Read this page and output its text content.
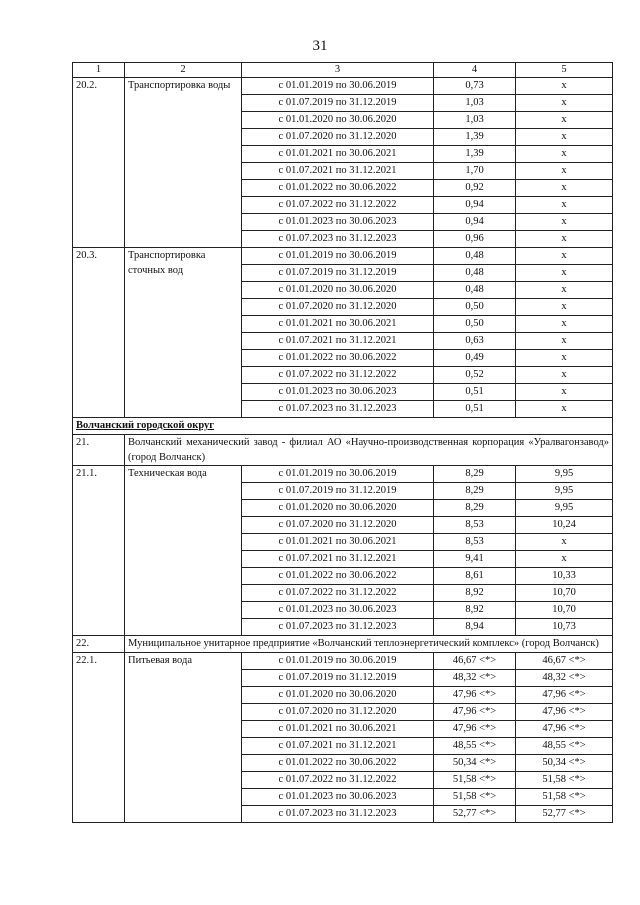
31
1	2	3	4	5
20.2.	Транспортировка воды	с 01.01.2019 по 30.06.2019	0,73	x
		с 01.07.2019 по 31.12.2019	1,03	x
		с 01.01.2020 по 30.06.2020	1,03	x
		с 01.07.2020 по 31.12.2020	1,39	x
		с 01.01.2021 по 30.06.2021	1,39	x
		с 01.07.2021 по 31.12.2021	1,70	x
		с 01.01.2022 по 30.06.2022	0,92	x
		с 01.07.2022 по 31.12.2022	0,94	x
		с 01.01.2023 по 30.06.2023	0,94	x
		с 01.07.2023 по 31.12.2023	0,96	x
20.3.	Транспортировка сточных вод	с 01.01.2019 по 30.06.2019	0,48	x
		с 01.07.2019 по 31.12.2019	0,48	x
		с 01.01.2020 по 30.06.2020	0,48	x
		с 01.07.2020 по 31.12.2020	0,50	x
		с 01.01.2021 по 30.06.2021	0,50	x
		с 01.07.2021 по 31.12.2021	0,63	x
		с 01.01.2022 по 30.06.2022	0,49	x
		с 01.07.2022 по 31.12.2022	0,52	x
		с 01.01.2023 по 30.06.2023	0,51	x
		с 01.07.2023 по 31.12.2023	0,51	x
Волчанский городской округ				
21.	Волчанский механический завод - филиал АО «Научно-производственная корпорация «Уралвагонзавод» (город Волчанск)			
21.1.	Техническая вода	с 01.01.2019 по 30.06.2019	8,29	9,95
		с 01.07.2019 по 31.12.2019	8,29	9,95
		с 01.01.2020 по 30.06.2020	8,29	9,95
		с 01.07.2020 по 31.12.2020	8,53	10,24
		с 01.01.2021 по 30.06.2021	8,53	x
		с 01.07.2021 по 31.12.2021	9,41	x
		с 01.01.2022 по 30.06.2022	8,61	10,33
		с 01.07.2022 по 31.12.2022	8,92	10,70
		с 01.01.2023 по 30.06.2023	8,92	10,70
		с 01.07.2023 по 31.12.2023	8,94	10,73
22.	Муниципальное унитарное предприятие «Волчанский теплоэнергетический комплекс» (город Волчанск)			
22.1.	Питьевая вода	с 01.01.2019 по 30.06.2019	46,67 <*>	46,67 <*>
		с 01.07.2019 по 31.12.2019	48,32 <*>	48,32 <*>
		с 01.01.2020 по 30.06.2020	47,96 <*>	47,96 <*>
		с 01.07.2020 по 31.12.2020	47,96 <*>	47,96 <*>
		с 01.01.2021 по 30.06.2021	47,96 <*>	47,96 <*>
		с 01.07.2021 по 31.12.2021	48,55 <*>	48,55 <*>
		с 01.01.2022 по 30.06.2022	50,34 <*>	50,34 <*>
		с 01.07.2022 по 31.12.2022	51,58 <*>	51,58 <*>
		с 01.01.2023 по 30.06.2023	51,58 <*>	51,58 <*>
		с 01.07.2023 по 31.12.2023	52,77 <*>	52,77 <*>
